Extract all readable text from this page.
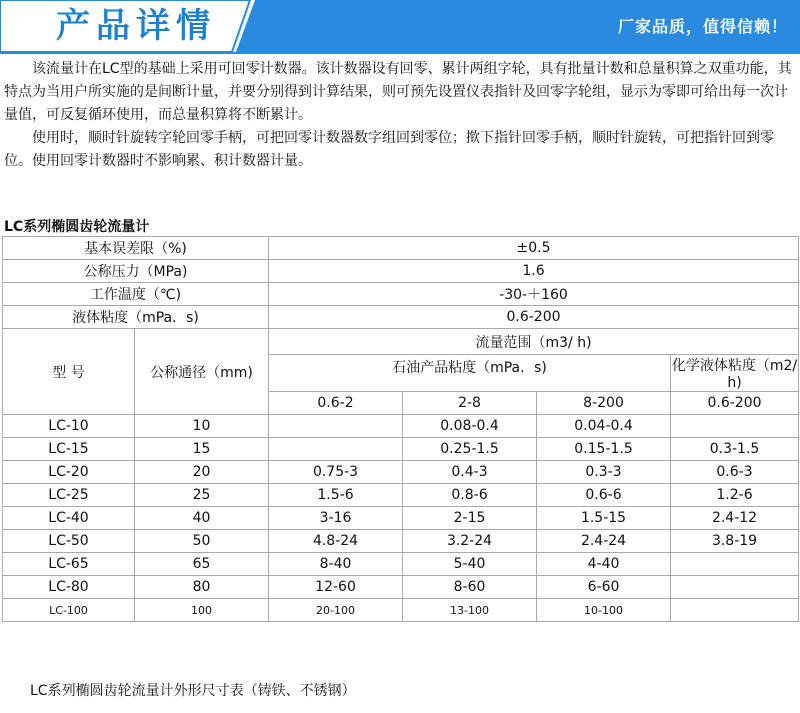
产品详情	厂家品质，值得信赖！

该流量计在LC型的基础上采用可回零计数器。该计数器设有回零、累计两组字轮，具有批量计数和总量积算之双重功能，其特点为当用户所实施的是间断计量，并要分别得到计算结果，则可预先设置仪表指针及回零字轮组，显示为零即可给出每一次计量值，可反复循环使用，而总量积算将不断累计。

使用时，顺时针旋转字轮回零手柄，可把回零计数器数字组回到零位；揿下指针回零手柄，顺时针旋转，可把指针回到零位。使用回零计数器时不影响累、积计数器计量。

LC系列椭圆齿轮流量计
基本误差限（%)		±0.5			
公称压力（MPa)		1.6			
工作温度（℃)		-30-＋160			
液体粘度（mPa．s)		0.6-200			
型 号	公称通径（mm)	流量范围（m3/ h)			
		石油产品粘度（mPa．s)			化学液体粘度（m2/ h)

		0.6-2	2-8	8-200	0.6-200
LC-10	10		0.08-0.4	0.04-0.4	
LC-15	15		0.25-1.5	0.15-1.5	0.3-1.5
LC-20	20	0.75-3	0.4-3	0.3-3	0.6-3
LC-25	25	1.5-6	0.8-6	0.6-6	1.2-6
LC-40	40	3-16	2-15	1.5-15	2.4-12
LC-50	50	4.8-24	3.2-24	2.4-24	3.8-19
LC-65	65	8-40	5-40	4-40	
LC-80	80	12-60	8-60	6-60	
LC-100	100	20-100	13-100	10-100	
LC系列椭圆齿轮流量计外形尺寸表（铸铁、不锈钢）
